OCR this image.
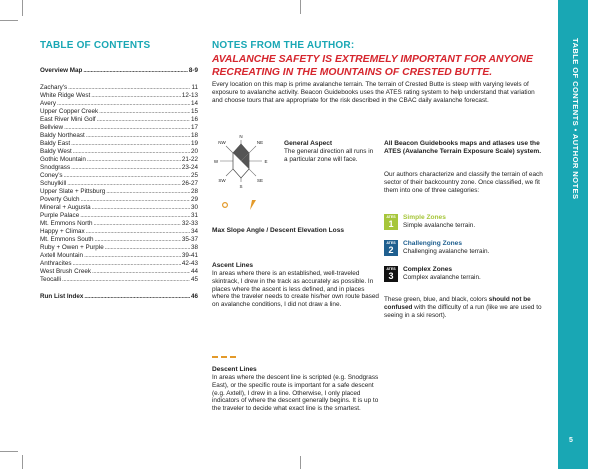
TABLE OF CONTENTS
Overview Map .....	8-9
Zachary's .....	11
White Ridge West .....	12-13
Avery .....	14
Upper Copper Creek .....	15
East River Mini Golf .....	16
Bellview .....	17
Baldy Northeast .....	18
Baldy East .....	19
Baldy West .....	20
Gothic Mountain .....	21-22
Snodgrass .....	23-24
Coney's .....	25
Schuylkill .....	26-27
Upper Slate + Pittsburg .....	28
Poverty Gulch .....	29
Mineral + Augusta .....	30
Purple Palace .....	31
Mt. Emmons North .....	32-33
Happy + Climax .....	34
Mt. Emmons South .....	35-37
Ruby + Owen + Purple .....	38
Axtell Mountain .....	39-41
Anthracites .....	42-43
West Brush Creek .....	44
Teocalli .....	45
Run List Index .....	46
NOTES FROM THE AUTHOR:
AVALANCHE SAFETY IS EXTREMELY IMPORTANT FOR ANYONE RECREATING IN THE MOUNTAINS OF CRESTED BUTTE.
Every location on this map is prime avalanche terrain. The terrain of Crested Butte is steep with varying levels of exposure to avalanche activity. Beacon Guidebooks uses the ATES rating system to help understand that variation and choose tours that are appropriate for the risk described in the CBAC daily avalanche forecast.
N
NE
E
SE
S
SW
W
NW	General Aspect
The general direction all runs in a particular zone will face.
Max Slope Angle / Descent Elevation Loss
Ascent Lines
In areas where there is an established, well-traveled skintrack, I drew in the track as accurately as possible. In places where the ascent is less defined, and in places where the traveler needs to create his/her own route based on avalanche conditions, I did not draw a line.
Descent Lines
In areas where the descent line is scripted (e.g. Snodgrass East), or the specific route is important for a safe descent (e.g. Axtell), I drew in a line. Otherwise, I only placed indicators of where the descent generally begins. It is up to the traveler to decide what exact line is the smartest.
All Beacon Guidebooks maps and atlases use the ATES (Avalanche Terrain Exposure Scale) system.
Our authors characterize and classify the terrain of each sector of their backcountry zone. Once classified, we fit them into one of three categories:
ATES
1
Simple Zones
Simple avalanche terrain.
ATES
2
Challenging Zones
Challenging avalanche terrain.
ATES
3
Complex Zones
Complex avalanche terrain.
These green, blue, and black, colors should not be confused with the difficulty of a run (like we are used to seeing in a ski resort).
TABLE OF CONTENTS • AUTHOR NOTES
5
